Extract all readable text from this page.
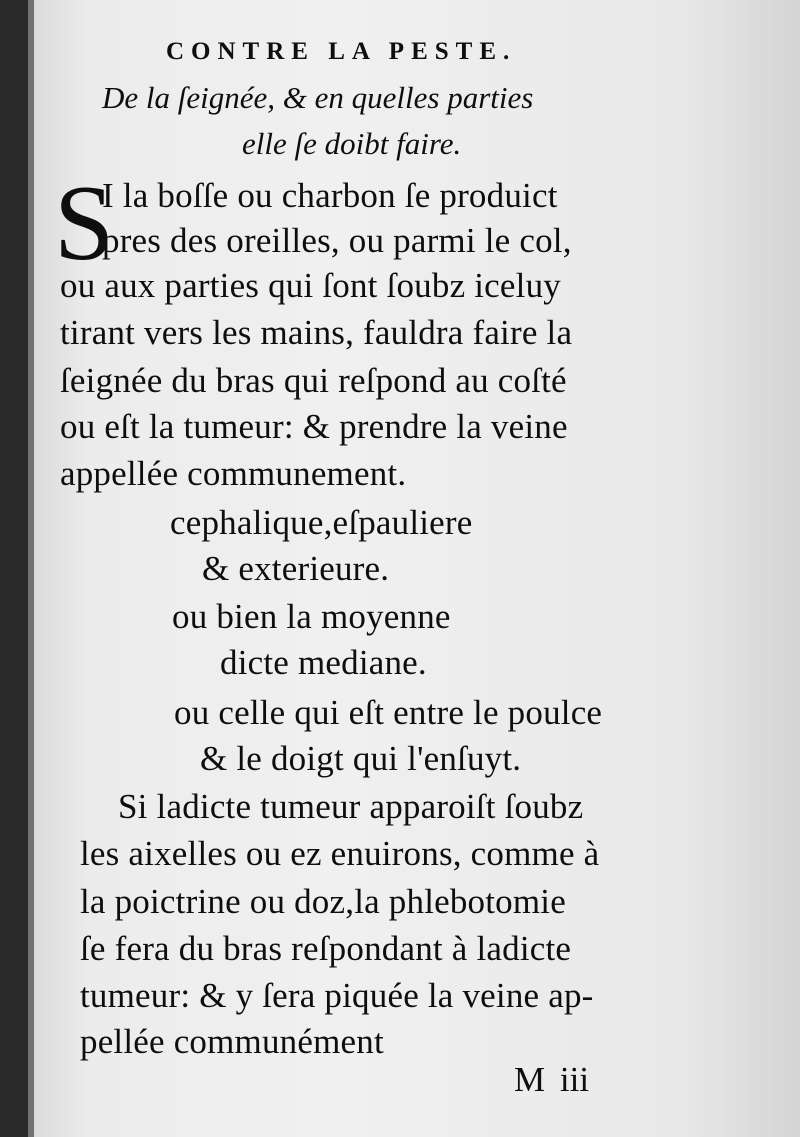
CONTRE LA PESTE.
De la ſeignée, & en quelles parties
elle ſe doibt faire.
S
I la boſſe ou charbon ſe produict
pres des oreilles, ou parmi le col,
ou aux parties qui ſont ſoubz iceluy
tirant vers les mains, fauldra faire la
ſeignée du bras qui reſpond au coſté
ou eſt la tumeur: & prendre la veine
appellée communement.
cephalique,eſpauliere
& exterieure.
ou bien la moyenne
dicte mediane.
ou celle qui eſt entre le poulce
& le doigt qui l'enſuyt.
Si ladicte tumeur apparoiſt ſoubz
les aixelles ou ez enuirons, comme à
la poictrine ou doz,la phlebotomie
ſe fera du bras reſpondant à ladicte
tumeur: & y ſera piquée la veine ap-
pellée communément
M iii
